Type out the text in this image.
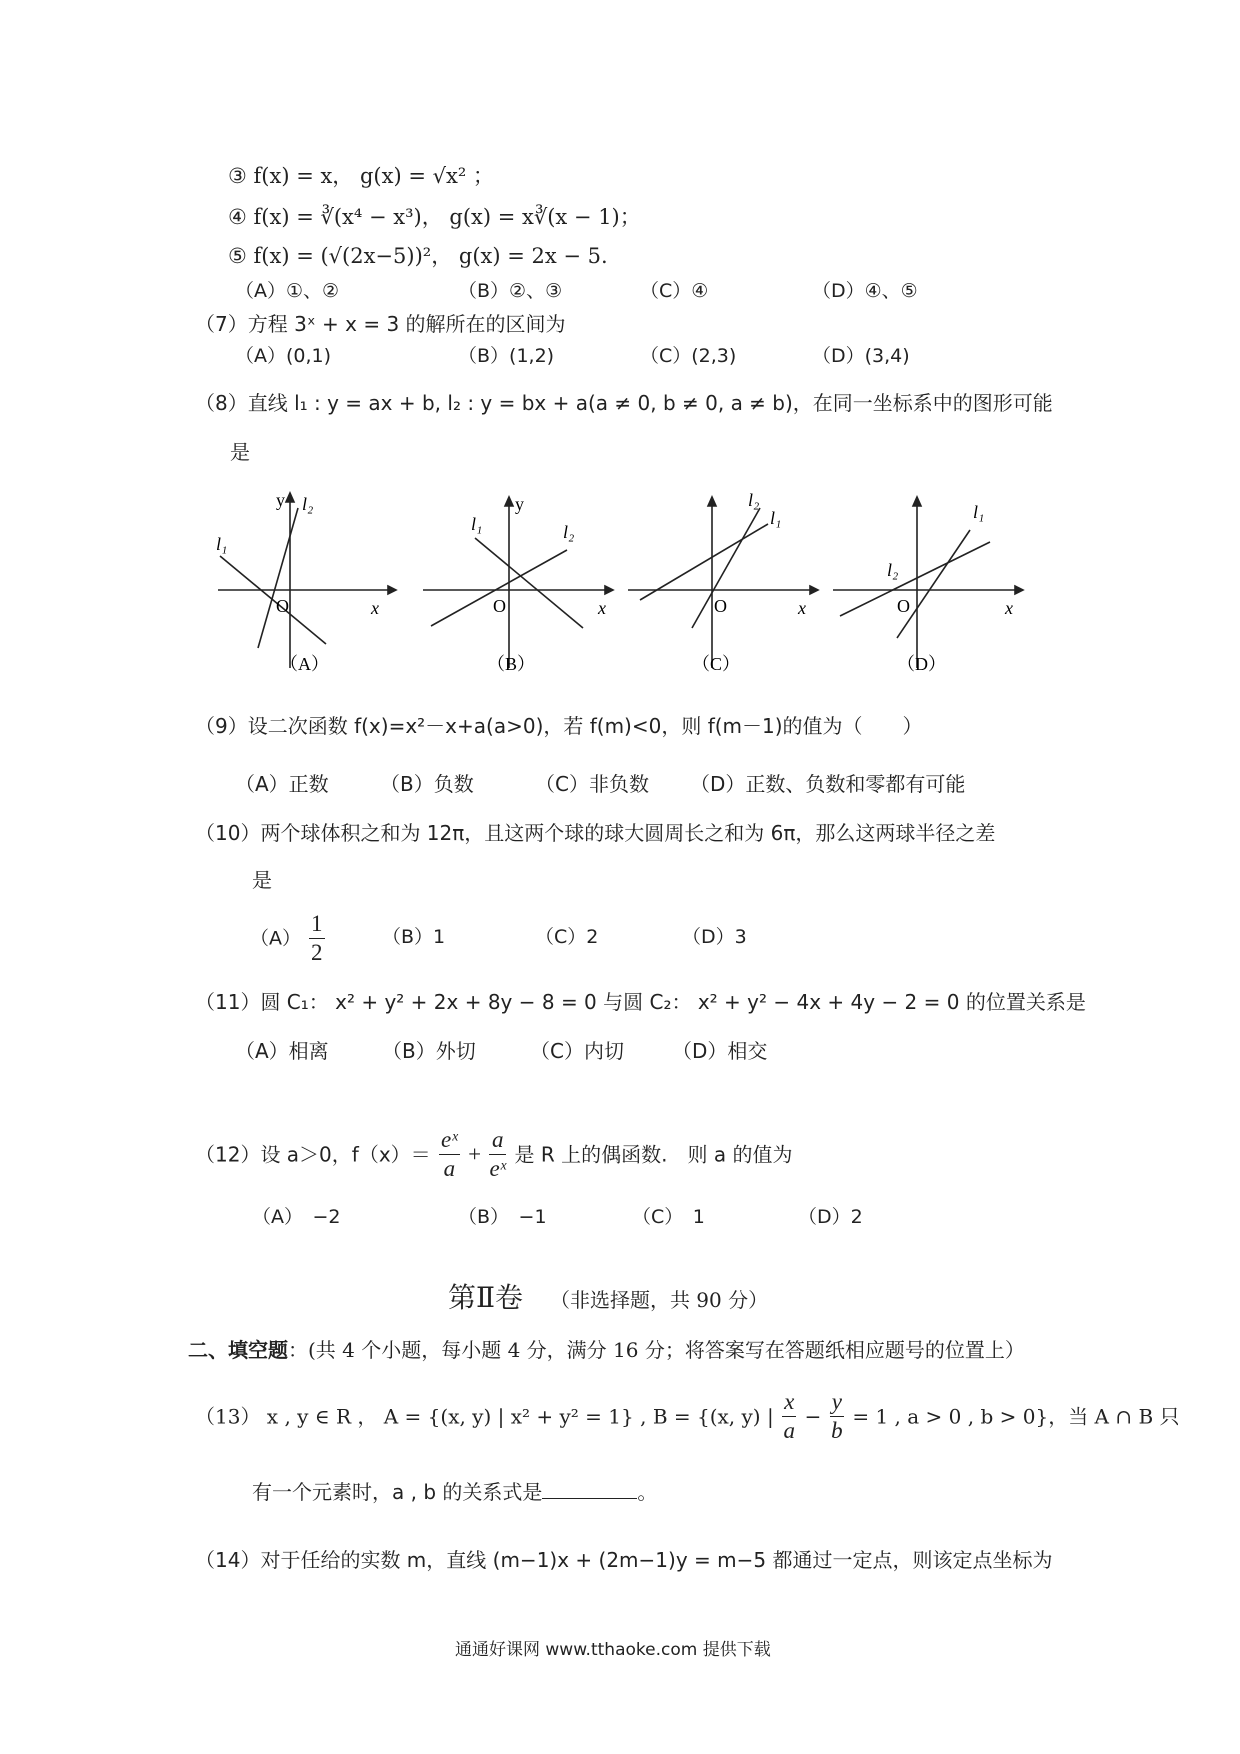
③ f(x) = x， g(x) = √x² ；
④ f(x) = ∛(x⁴ − x³)， g(x) = x∛(x − 1)；
⑤ f(x) = (√(2x−5))²， g(x) = 2x − 5.
（A）①、②	（B）②、③	（C）④	（D）④、⑤
（7）方程 3ˣ + x = 3 的解所在的区间为
（A）(0,1)	（B）(1,2)	（C）(2,3)	（D）(3,4)
（8）直线 l₁ : y = ax + b, l₂ : y = bx + a(a ≠ 0, b ≠ 0, a ≠ b)，在同一坐标系中的图形可能
是
y l₂
l₁
O	x
（A）
y
l₁	l₂
O	x
（B）
l₂
l₁
O	x
（C）
l₁
l₂
O	x
（D）
（9）设二次函数 f(x)=x²－x+a(a>0)，若 f(m)<0，则 f(m－1)的值为（　　）
（A）正数	（B）负数	（C）非负数 （D）正数、负数和零都有可能
（10）两个球体积之和为 12π，且这两个球的球大圆周长之和为 6π，那么这两球半径之差
是
$(A) \frac{1}{2}$	（B）1	（C）2	（D）3
（11）圆 C₁： x² + y² + 2x + 8y − 8 = 0 与圆 C₂： x² + y² − 4x + 4y − 2 = 0 的位置关系是
（A）相离	（B）外切	（C）内切 （D）相交
（12）设 a＞0，$f(x)= \frac{\text{eˣ}}{a} + \frac{a}{\text{eˣ}}$ 是 R 上的偶函数.　则 a 的值为
（A）　−2	（B）　−1	（C）　1	（D）2
第Ⅱ卷 （非选择题，共 90 分）
二、填空题：(共 4 个小题，每小题 4 分，满分 16 分；将答案写在答题纸相应题号的位置上）
（13） x , y ∈ R ， A = {(x, y) | x² + y² = 1} , B = {(x, y) | $\frac{x}{a} - \frac{y}{b} = 1$ , a > 0 , b > 0}，当 A ∩ B 只
有一个元素时，a , b 的关系式是	。
（14）对于任给的实数 m，直线 (m−1)x + (2m−1)y = m−5 都通过一定点，则该定点坐标为
通通好课网 www.tthaoke.com 提供下载
